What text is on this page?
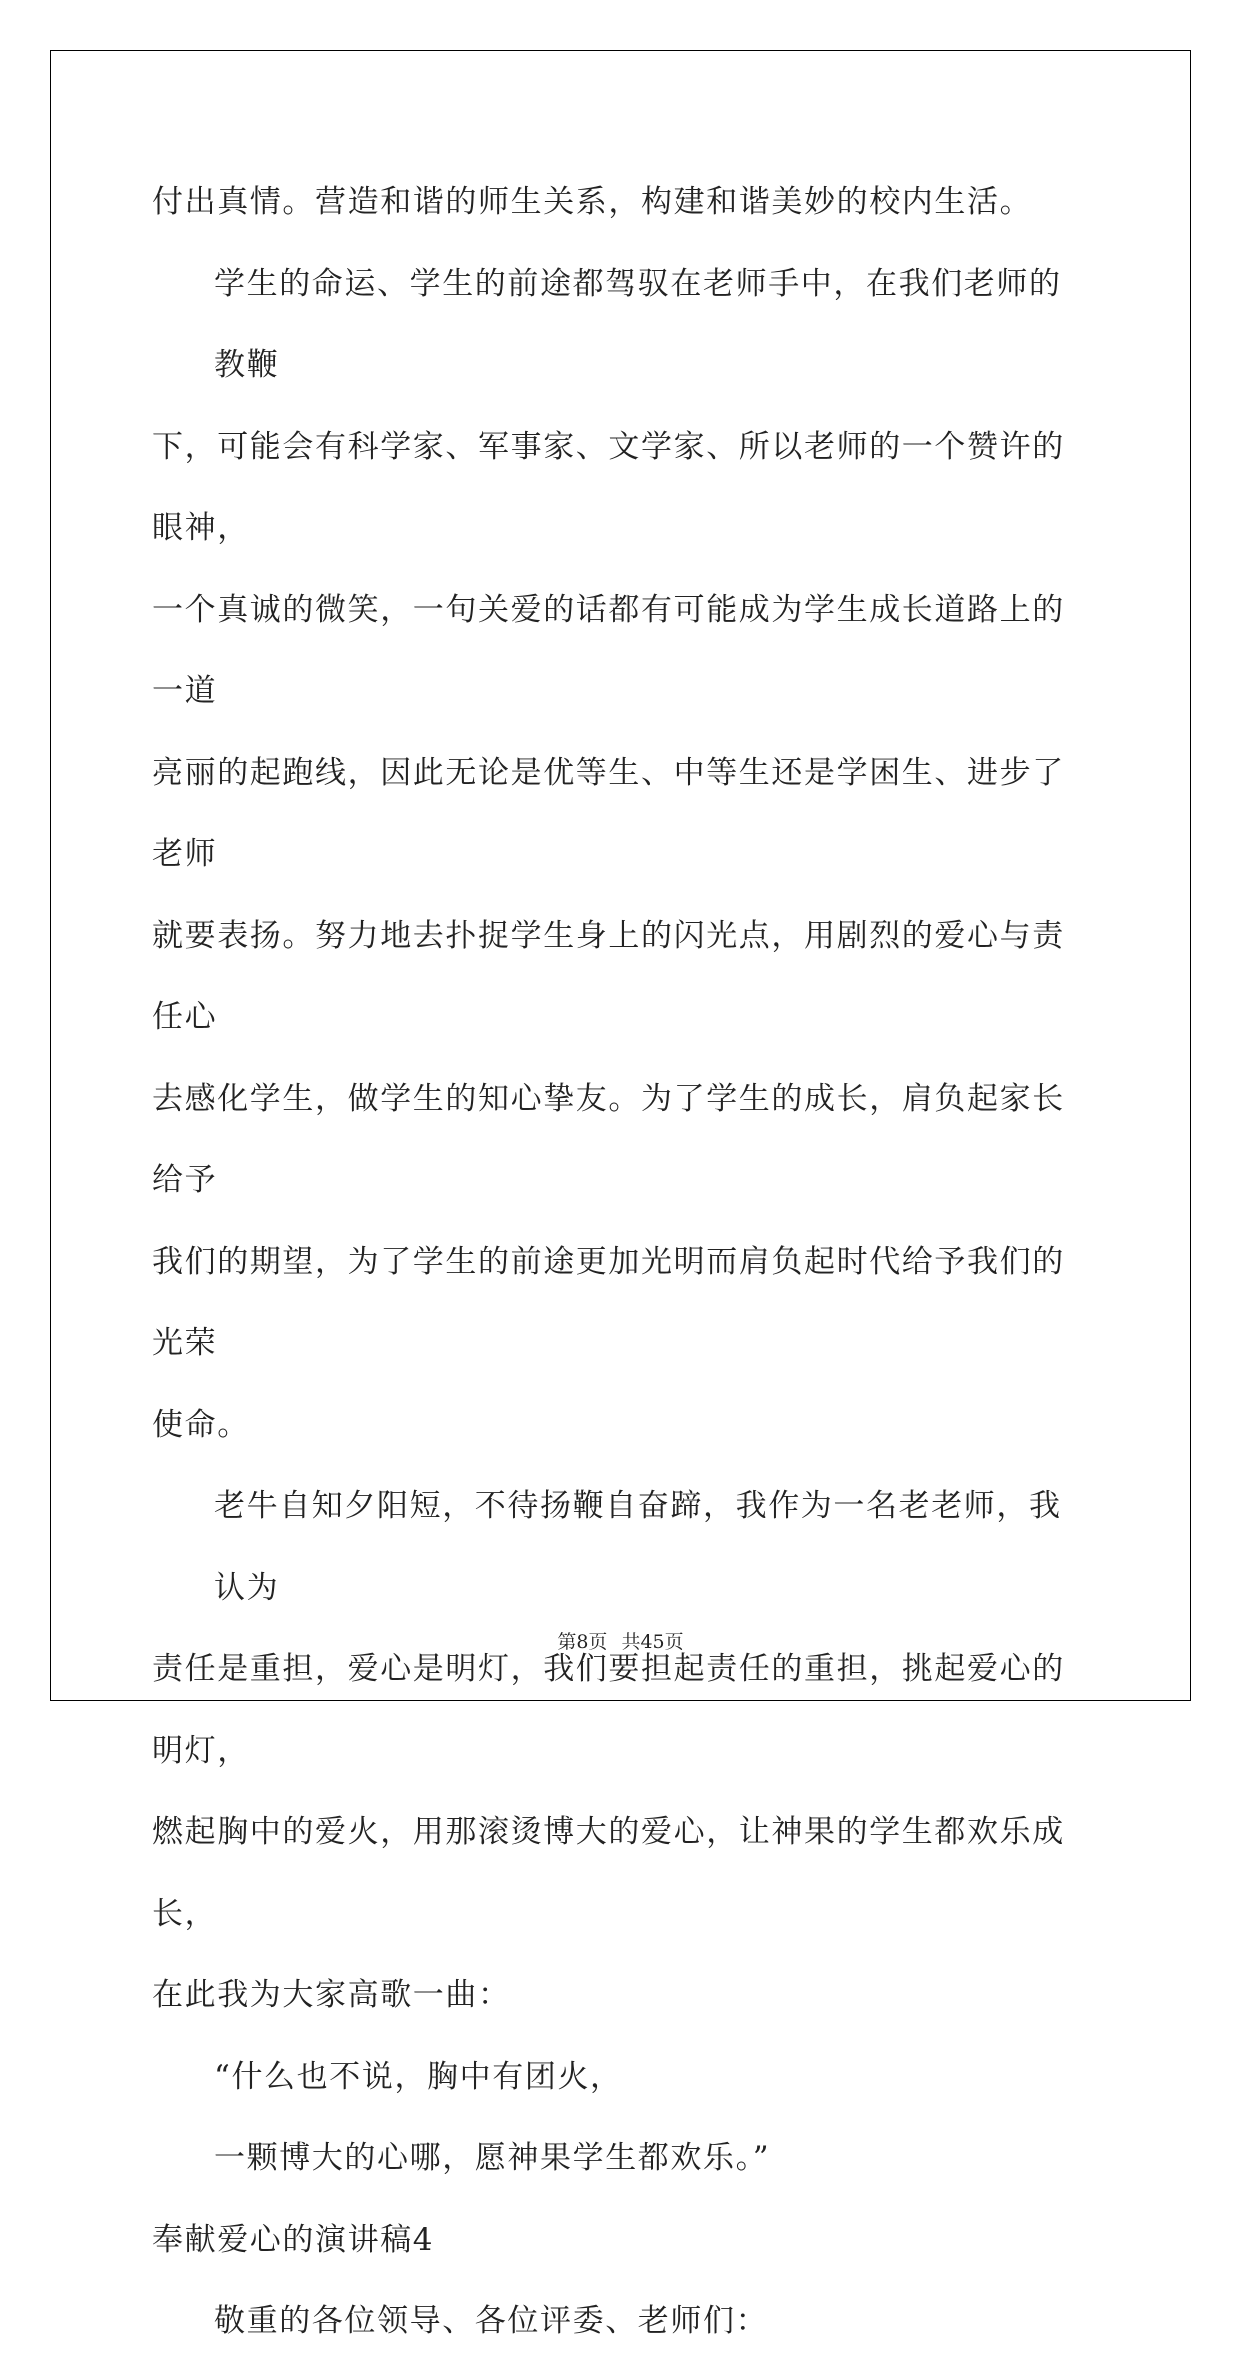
付出真情。营造和谐的师生关系，构建和谐美妙的校内生活。

学生的命运、学生的前途都驾驭在老师手中，在我们老师的教鞭

下，可能会有科学家、军事家、文学家、所以老师的一个赞许的眼神，

一个真诚的微笑，一句关爱的话都有可能成为学生成长道路上的一道

亮丽的起跑线，因此无论是优等生、中等生还是学困生、进步了老师

就要表扬。努力地去扑捉学生身上的闪光点，用剧烈的爱心与责任心

去感化学生，做学生的知心挚友。为了学生的成长，肩负起家长给予

我们的期望，为了学生的前途更加光明而肩负起时代给予我们的光荣

使命。

老牛自知夕阳短，不待扬鞭自奋蹄，我作为一名老老师，我认为

责任是重担，爱心是明灯，我们要担起责任的重担，挑起爱心的明灯，

燃起胸中的爱火，用那滚烫博大的爱心，让神果的学生都欢乐成长，

在此我为大家高歌一曲：

“什么也不说，胸中有团火，

一颗博大的心哪，愿神果学生都欢乐。”

奉献爱心的演讲稿4

敬重的各位领导、各位评委、老师们：

第8页 共45页
